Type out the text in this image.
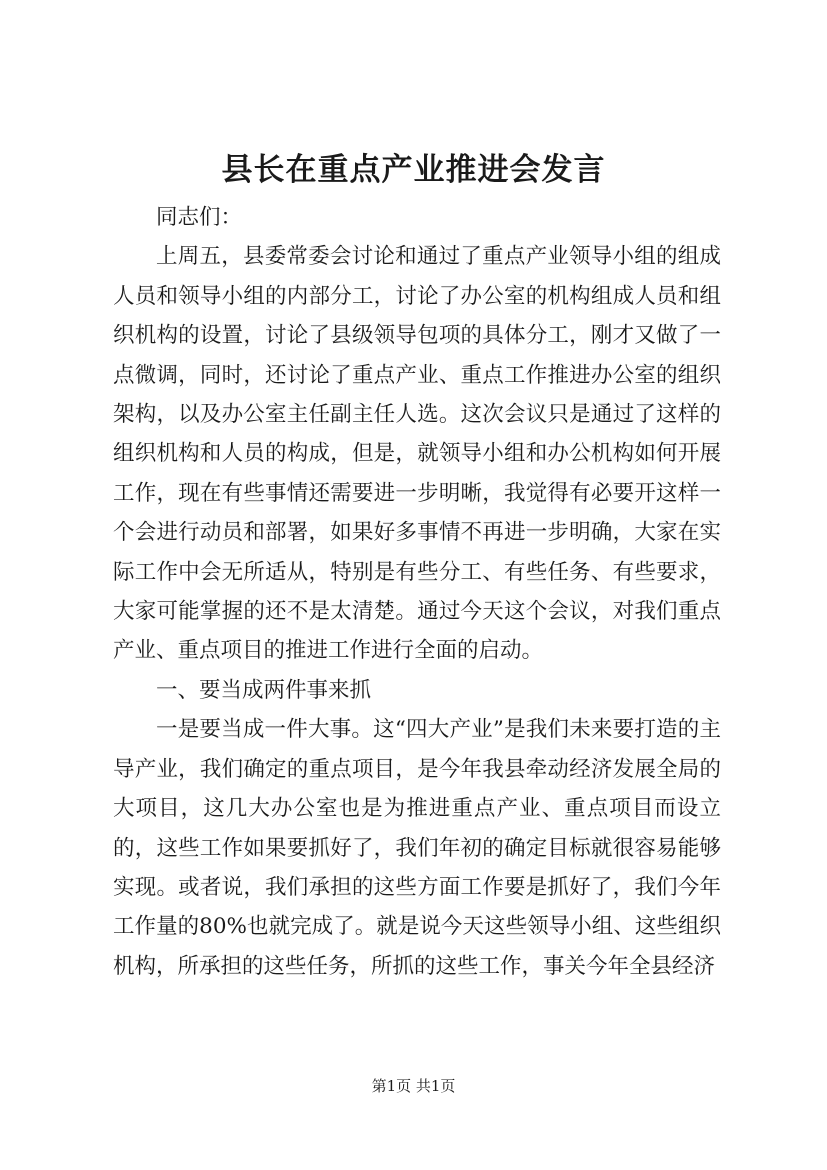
县长在重点产业推进会发言

同志们：

上周五，县委常委会讨论和通过了重点产业领导小组的组成人员和领导小组的内部分工，讨论了办公室的机构组成人员和组织机构的设置，讨论了县级领导包项的具体分工，刚才又做了一点微调，同时，还讨论了重点产业、重点工作推进办公室的组织架构，以及办公室主任副主任人选。这次会议只是通过了这样的组织机构和人员的构成，但是，就领导小组和办公机构如何开展工作，现在有些事情还需要进一步明晰，我觉得有必要开这样一个会进行动员和部署，如果好多事情不再进一步明确，大家在实际工作中会无所适从，特别是有些分工、有些任务、有些要求，大家可能掌握的还不是太清楚。通过今天这个会议，对我们重点产业、重点项目的推进工作进行全面的启动。

一、要当成两件事来抓

一是要当成一件大事。这“四大产业”是我们未来要打造的主导产业，我们确定的重点项目，是今年我县牵动经济发展全局的大项目，这几大办公室也是为推进重点产业、重点项目而设立的，这些工作如果要抓好了，我们年初的确定目标就很容易能够实现。或者说，我们承担的这些方面工作要是抓好了，我们今年工作量的80%也就完成了。就是说今天这些领导小组、这些组织机构，所承担的这些任务，所抓的这些工作，事关今年全县经济

第1页 共1页
